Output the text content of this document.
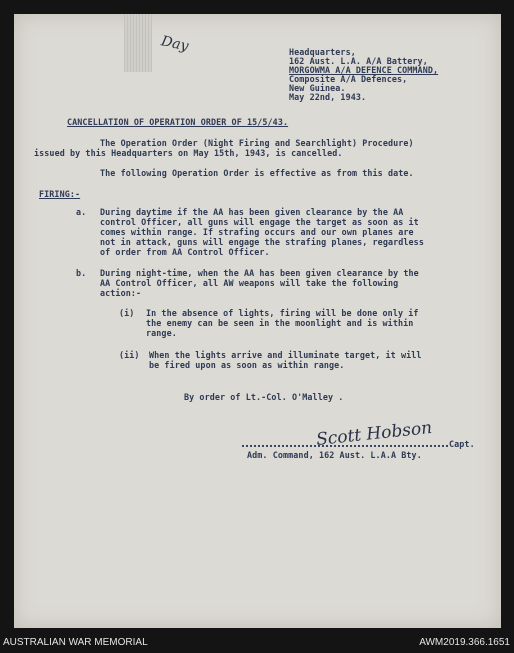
Day	Headquarters,
162 Aust. L.A. A/A Battery,
MORGOWMA A/A DEFENCE COMMAND,
Composite A/A Defences,
New Guinea.
May 22nd, 1943.
CANCELLATION OF OPERATION ORDER OF 15/5/43.
The Operation Order (Night Firing and Searchlight) Procedure)
issued by this Headquarters on May 15th, 1943, is cancelled.
The following Operation Order is effective as from this date.
FIRING:-
a. During daytime if the AA has been given clearance by the AA
control Officer, all guns will engage the target as soon as it
comes within range. If strafing occurs and our own planes are
not in attack, guns will engage the strafing planes, regardless
of order from AA Control Officer.
b. During night-time, when the AA has been given clearance by the
AA Control Officer, all AW weapons will take the following
action:-
(i) In the absence of lights, firing will be done only if
the enemy can be seen in the moonlight and is within
range.
(ii) When the lights arrive and illuminate target, it will
be fired upon as soon as within range.
By order of Lt.-Col. O'Malley .
Scott Hobson Capt.
Adm. Command, 162 Aust. L.A.A Bty.
AUSTRALIAN WAR MEMORIAL	AWM2019.366.1651
